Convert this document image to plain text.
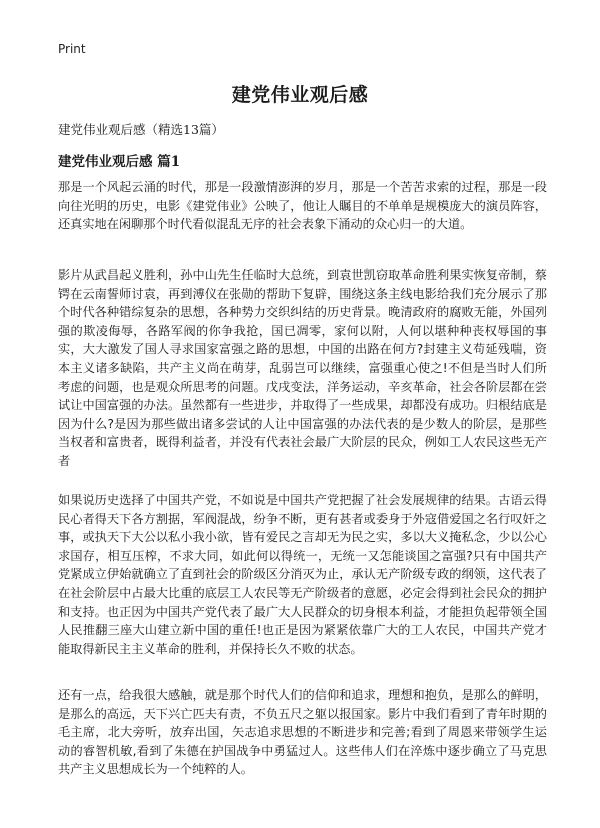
Print
建党伟业观后感

建党伟业观后感（精选13篇）

建党伟业观后感 篇1

那是一个风起云涌的时代，那是一段激情澎湃的岁月，那是一个苦苦求索的过程，那是一段向往光明的历史，电影《建党伟业》公映了，他让人瞩目的不单单是规模庞大的演员阵容，还真实地在闲聊那个时代看似混乱无序的社会表象下涌动的众心归一的大道。

影片从武昌起义胜利，孙中山先生任临时大总统，到袁世凯窃取革命胜利果实恢复帝制，蔡锷在云南誓师讨袁，再到溥仪在张勋的帮助下复辟，围绕这条主线电影给我们充分展示了那个时代各种错综复杂的思想，各种势力交织纠结的历史背景。晚清政府的腐败无能，外国列强的欺凌侮辱，各路军阀的你争我抢，国已凋零，家何以附，人何以堪种种丧权辱国的事实，大大激发了国人寻求国家富强之路的思想，中国的出路在何方?封建主义苟延残喘，资本主义诸多缺陷，共产主义尚在萌芽，乱弱岂可以继续，富强重心使之!不但是当时人们所考虑的问题，也是观众所思考的问题。戊戌变法，洋务运动，辛亥革命，社会各阶层都在尝试让中国富强的办法。虽然都有一些进步，并取得了一些成果，却都没有成功。归根结底是因为什么?是因为那些做出诸多尝试的人让中国富强的办法代表的是少数人的阶层，是那些当权者和富贵者，既得利益者，并没有代表社会最广大阶层的民众，例如工人农民这些无产者

如果说历史选择了中国共产党，不如说是中国共产党把握了社会发展规律的结果。古语云得民心者得天下各方割据，军阀混战，纷争不断，更有甚者或委身于外寇借爱国之名行叹奸之事，或执天下大公以私小我小欲，皆有爱民之言却无为民之实，多以大义掩私念，少以公心求国存，相互压榨，不求大同，如此何以得统一，无统一又怎能谈国之富强?只有中国共产党紧成立伊始就确立了直到社会的阶级区分消灭为止，承认无产阶级专政的纲领，这代表了在社会阶层中占最大比重的底层工人农民等无产阶级者的意愿，必定会得到社会民众的拥护和支持。也正因为中国共产党代表了最广大人民群众的切身根本利益，才能担负起带领全国人民推翻三座大山建立新中国的重任!也正是因为紧紧依靠广大的工人农民，中国共产党才能取得新民主主义革命的胜利，并保持长久不败的状态。

还有一点，给我很大感触，就是那个时代人们的信仰和追求，理想和抱负，是那么的鲜明，是那么的高远，天下兴亡匹夫有责，不负五尺之躯以报国家。影片中我们看到了青年时期的毛主席，北大旁听，放弃出国，矢志追求思想的不断进步和完善;看到了周恩来带领学生运动的睿智机敏,看到了朱德在护国战争中勇猛过人。这些伟人们在淬炼中逐步确立了马克思共产主义思想成长为一个纯粹的人。
